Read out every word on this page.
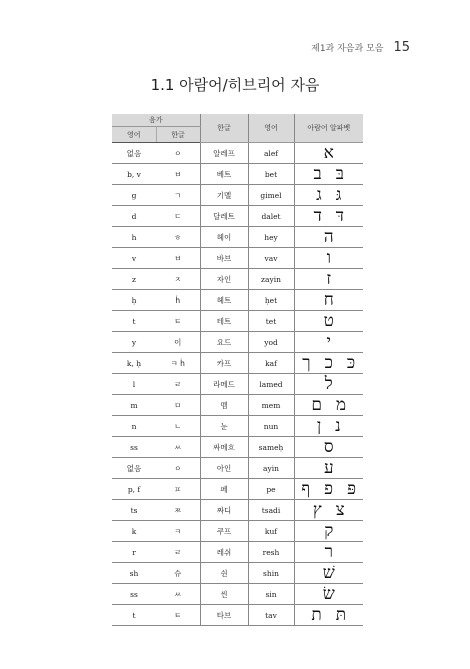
제1과 자음과 모음 15
1.1 아람어/히브리어 자음
음가		한글	영어	아람어 알파벳
영어	한글			
없음	ㅇ	알레프	alef	א
b, v	ㅂ	베트	bet	בּב
g	ㄱ	기멜	gimel	גּג
d	ㄷ	달레트	dalet	דּד
h	ㅎ	헤이	hey	ה
v	ㅂ	바브	vav	ו
z	ㅈ	자인	zayin	ז
ḥ	ḣ	헤트	ḥet	ח
t	ㅌ	테트	tet	ט
y	이	요드	yod	י
k, ḥ	ㅋ ḣ	카프	kaf	כּכך
l	ㄹ	라메드	lamed	ל
m	ㅁ	멤	mem	מם
n	ㄴ	눈	nun	נן
ss	ㅆ	싸메흐	sameḥ	ס
없음	ㅇ	아인	ayin	ע
p, f	ㅍ	페	pe	פּפף
ts	ㅉ	짜디	tsadi	צץ
k	ㅋ	쿠프	kuf	ק
r	ㄹ	레쉬	resh	ר
sh	슈	쉰	shin	שׁ
ss	ㅆ	씬	sin	שׂ
t	ㅌ	타브	tav	תּת
